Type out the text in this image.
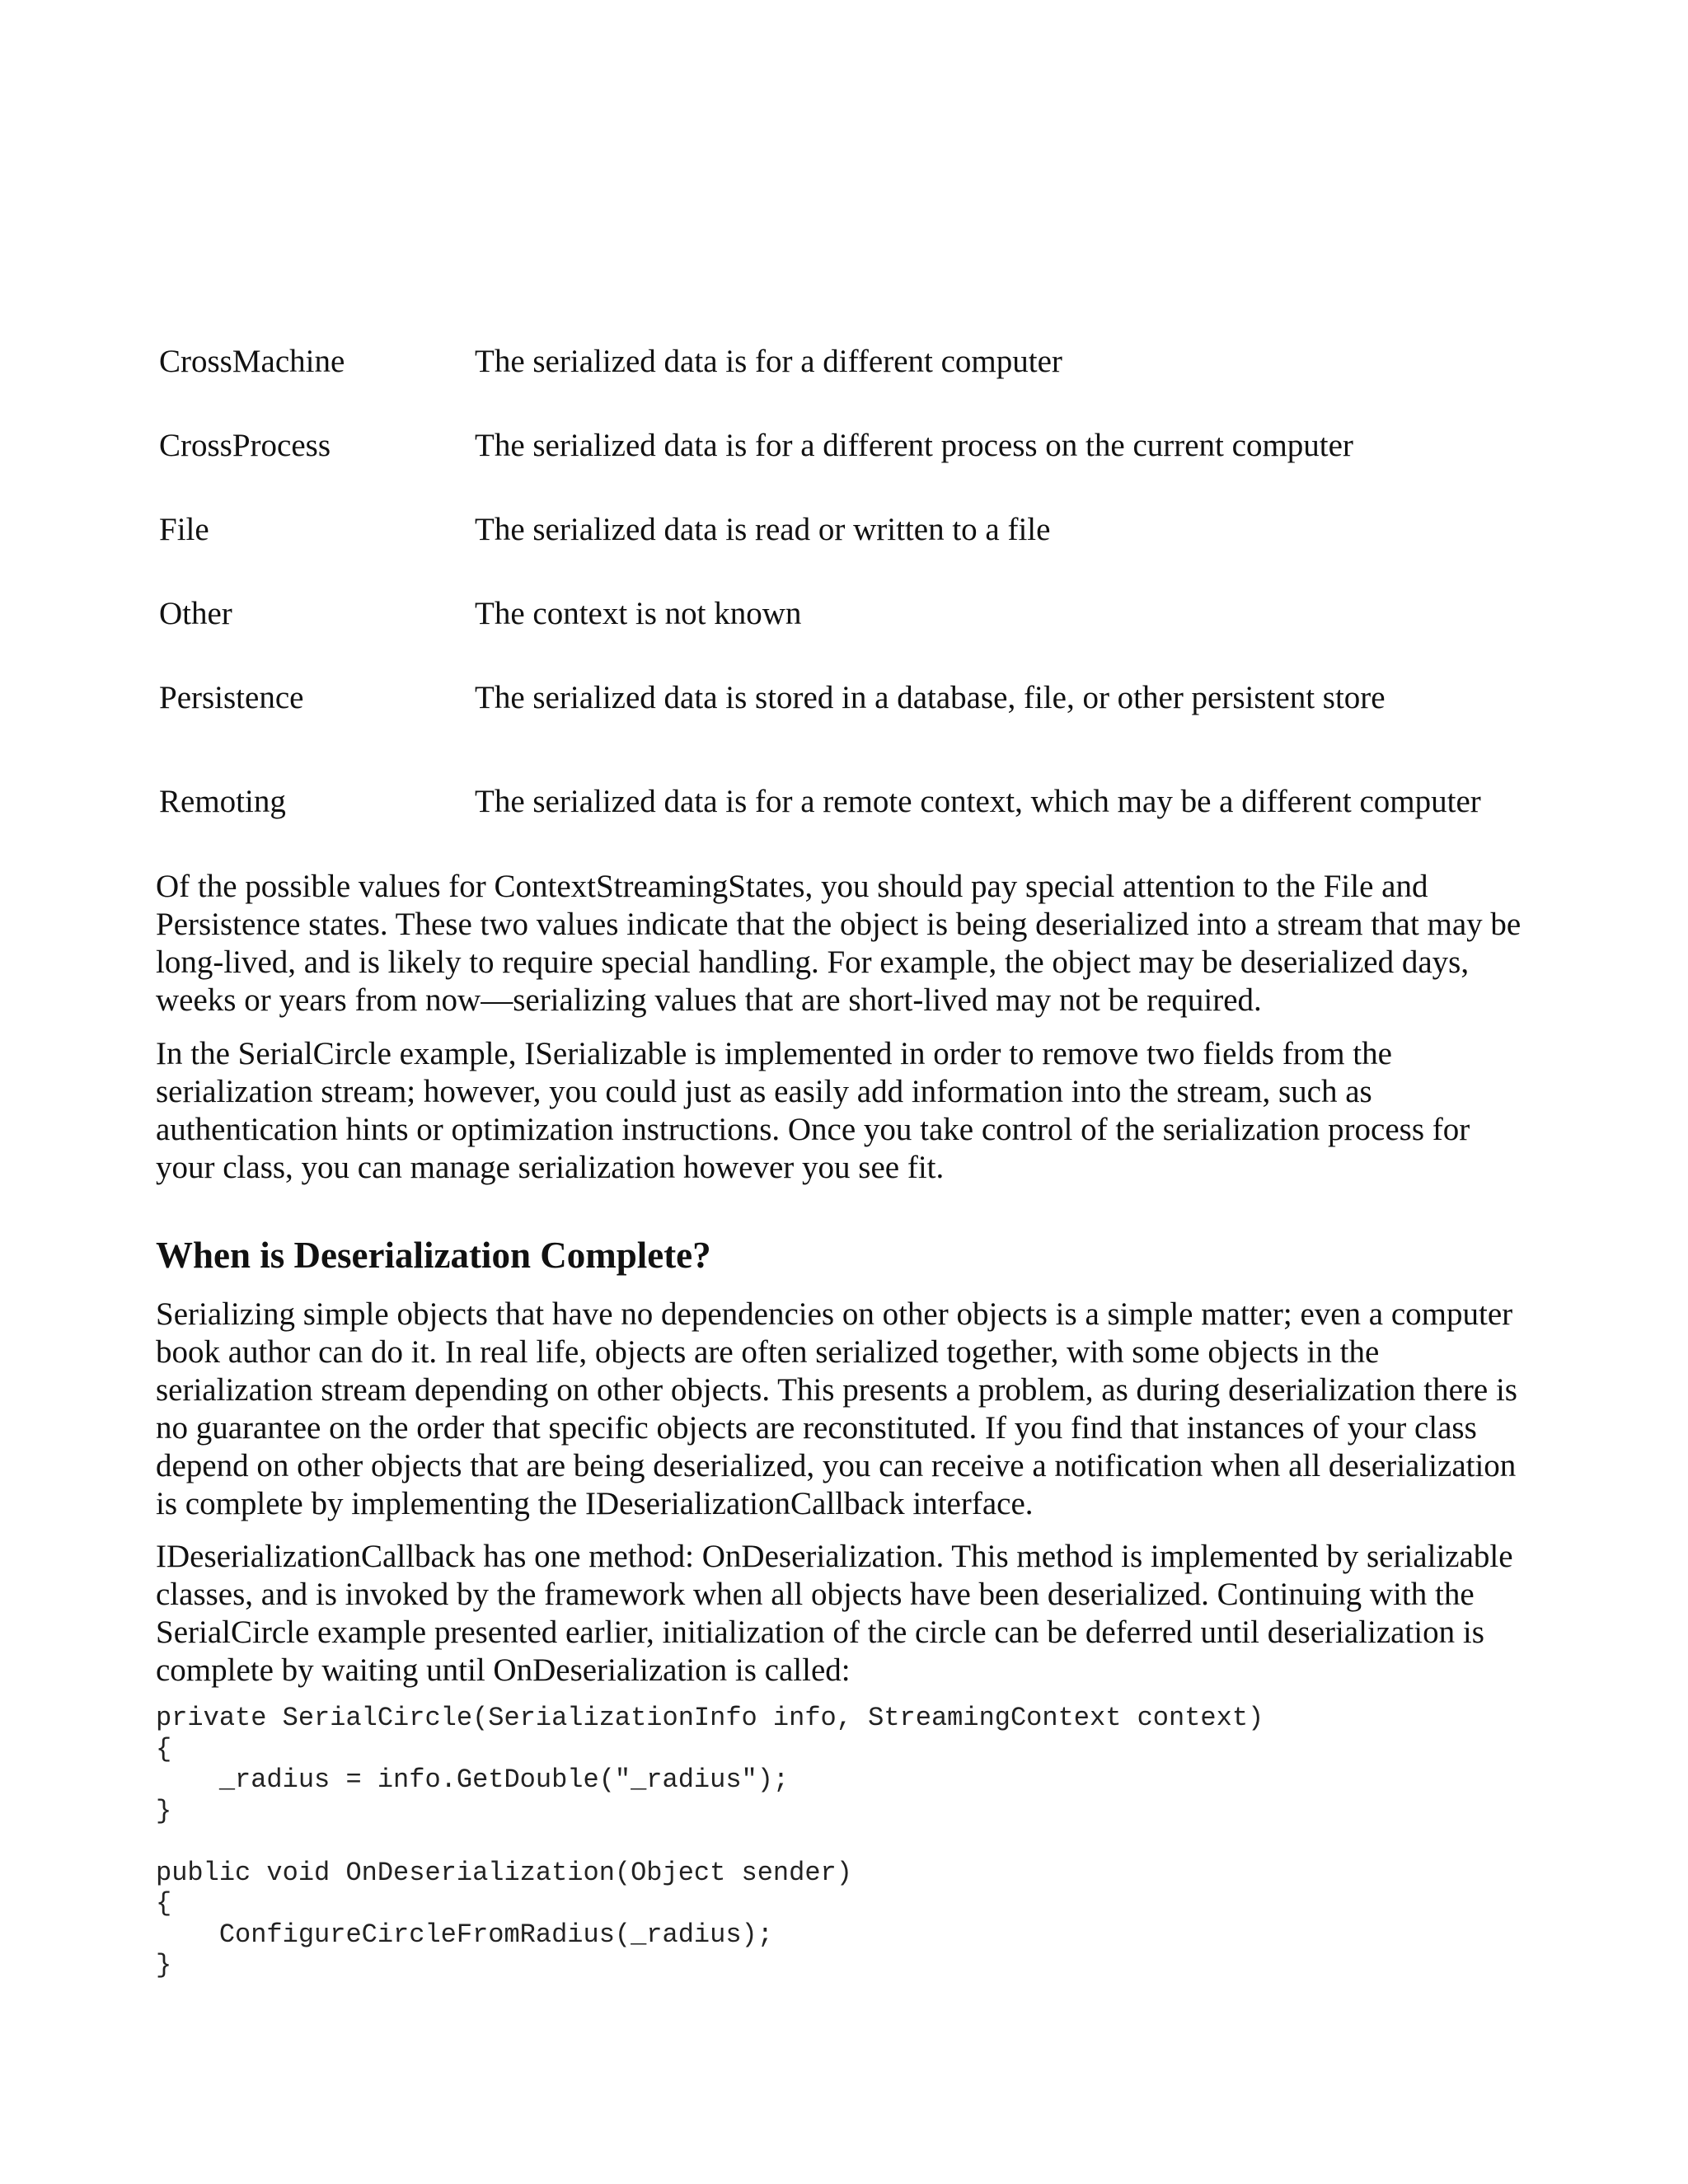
CrossMachine	The serialized data is for a different computer
CrossProcess	The serialized data is for a different process on the current computer
File	The serialized data is read or written to a file
Other	The context is not known
Persistence	The serialized data is stored in a database, file, or other persistent store
Remoting	The serialized data is for a remote context, which may be a different computer

Of the possible values for ContextStreamingStates, you should pay special attention to the File and Persistence states. These two values indicate that the object is being deserialized into a stream that may be long-lived, and is likely to require special handling. For example, the object may be deserialized days, weeks or years from now—serializing values that are short-lived may not be required.

In the SerialCircle example, ISerializable is implemented in order to remove two fields from the serialization stream; however, you could just as easily add information into the stream, such as authentication hints or optimization instructions. Once you take control of the serialization process for your class, you can manage serialization however you see fit.

When is Deserialization Complete?

Serializing simple objects that have no dependencies on other objects is a simple matter; even a computer book author can do it. In real life, objects are often serialized together, with some objects in the serialization stream depending on other objects. This presents a problem, as during deserialization there is no guarantee on the order that specific objects are reconstituted. If you find that instances of your class depend on other objects that are being deserialized, you can receive a notification when all deserialization is complete by implementing the IDeserializationCallback interface.

IDeserializationCallback has one method: OnDeserialization. This method is implemented by serializable classes, and is invoked by the framework when all objects have been deserialized. Continuing with the SerialCircle example presented earlier, initialization of the circle can be deferred until deserialization is complete by waiting until OnDeserialization is called:

private SerialCircle(SerializationInfo info, StreamingContext context)
{
_radius = info.GetDouble("_radius");
}

public void OnDeserialization(Object sender)
{
ConfigureCircleFromRadius(_radius);
}
